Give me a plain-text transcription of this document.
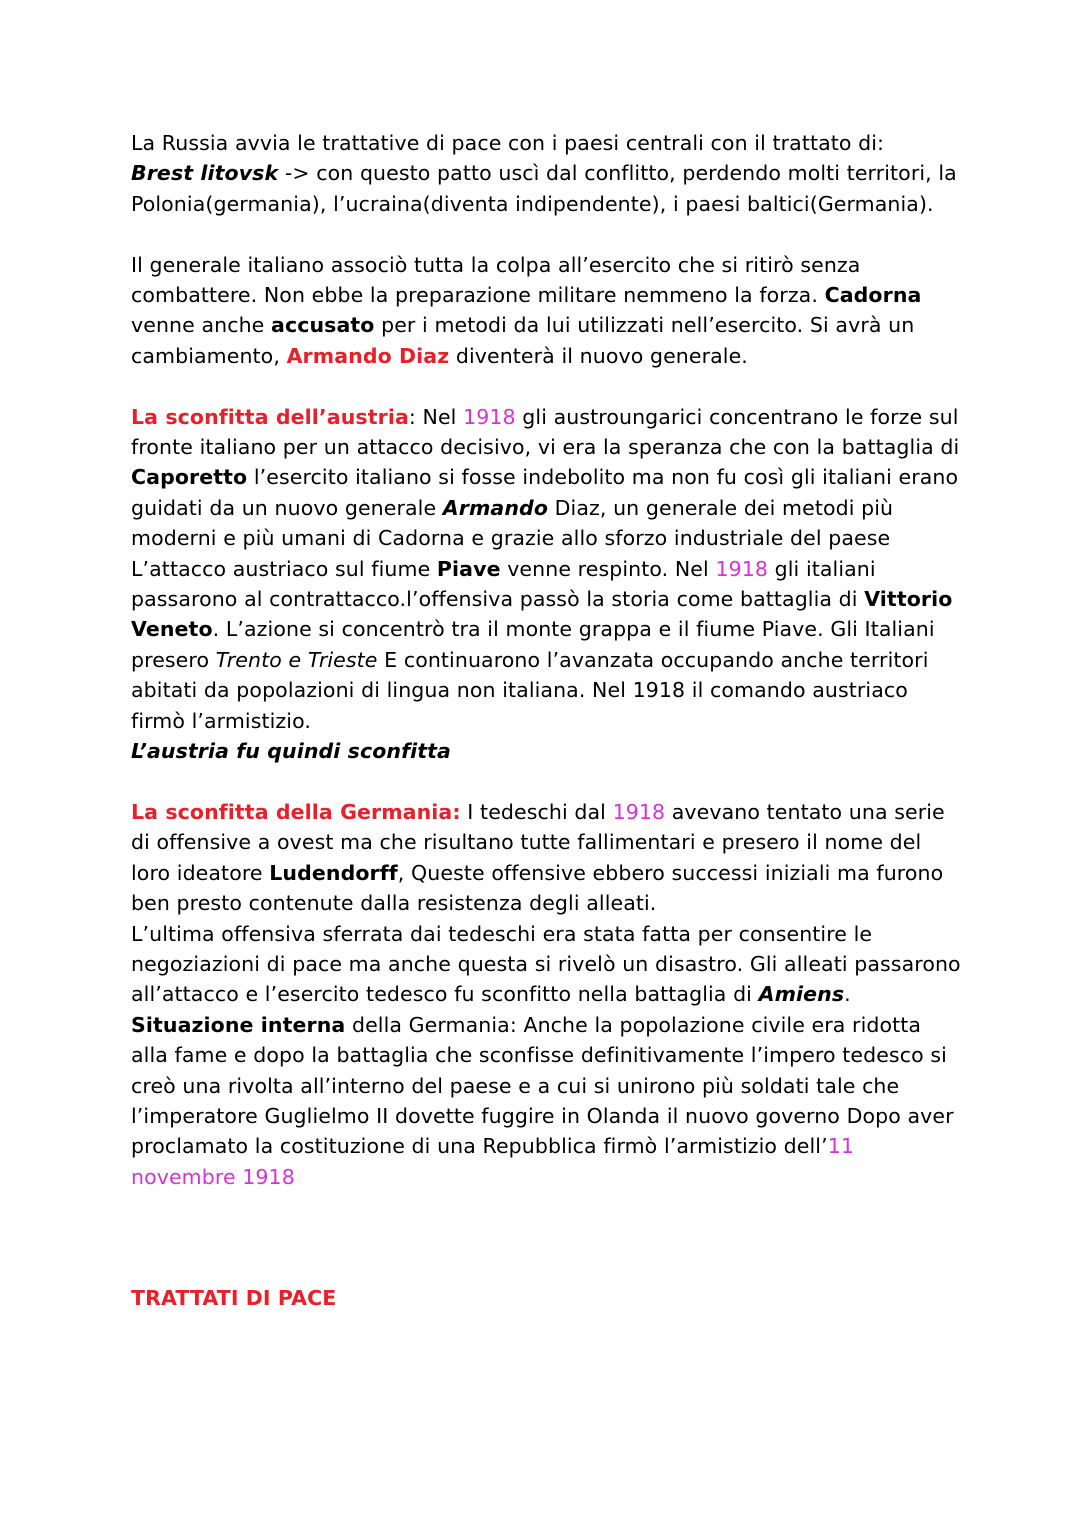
La Russia avvia le trattative di pace con i paesi centrali con il trattato di:
Brest litovsk -> con questo patto uscì dal conflitto, perdendo molti territori, la Polonia(germania), l’ucraina(diventa indipendente), i paesi baltici(Germania).

Il generale italiano associò tutta la colpa all’esercito che si ritirò senza combattere. Non ebbe la preparazione militare nemmeno la forza. Cadorna venne anche accusato per i metodi da lui utilizzati nell’esercito. Si avrà un cambiamento, Armando Diaz diventerà il nuovo generale.

La sconfitta dell’austria: Nel 1918 gli austroungarici concentrano le forze sul fronte italiano per un attacco decisivo, vi era la speranza che con la battaglia di Caporetto l’esercito italiano si fosse indebolito ma non fu così gli italiani erano guidati da un nuovo generale Armando Diaz, un generale dei metodi più moderni e più umani di Cadorna e grazie allo sforzo industriale del paese L’attacco austriaco sul fiume Piave venne respinto. Nel 1918 gli italiani passarono al contrattacco.l’offensiva passò la storia come battaglia di Vittorio Veneto. L’azione si concentrò tra il monte grappa e il fiume Piave. Gli Italiani presero Trento e Trieste E continuarono l’avanzata occupando anche territori abitati da popolazioni di lingua non italiana. Nel 1918 il comando austriaco firmò l’armistizio.
L’austria fu quindi sconfitta

La sconfitta della Germania: I tedeschi dal 1918 avevano tentato una serie di offensive a ovest ma che risultano tutte fallimentari e presero il nome del loro ideatore Ludendorff, Queste offensive ebbero successi iniziali ma furono ben presto contenute dalla resistenza degli alleati.
L’ultima offensiva sferrata dai tedeschi era stata fatta per consentire le negoziazioni di pace ma anche questa si rivelò un disastro. Gli alleati passarono all’attacco e l’esercito tedesco fu sconfitto nella battaglia di Amiens.
Situazione interna della Germania: Anche la popolazione civile era ridotta alla fame e dopo la battaglia che sconfisse definitivamente l’impero tedesco si creò una rivolta all’interno del paese e a cui si unirono più soldati tale che l’imperatore Guglielmo II dovette fuggire in Olanda il nuovo governo Dopo aver proclamato la costituzione di una Repubblica firmò l’armistizio dell’11 novembre 1918

TRATTATI DI PACE
